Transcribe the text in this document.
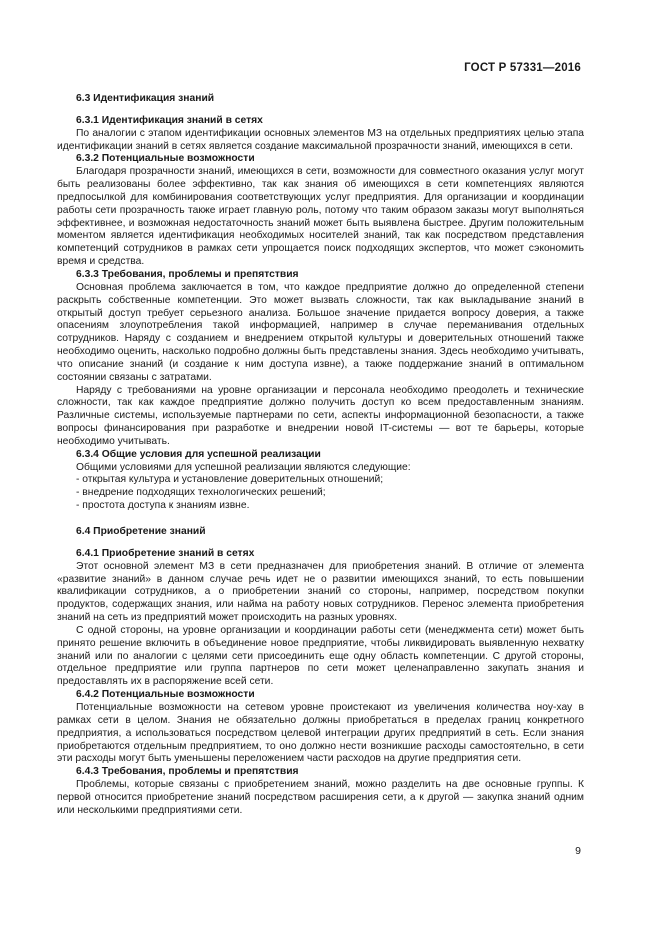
ГОСТ Р 57331—2016
6.3 Идентификация знаний
6.3.1 Идентификация знаний в сетях

По аналогии с этапом идентификации основных элементов МЗ на отдельных предприятиях целью этапа идентификации знаний в сетях является создание максимальной прозрачности знаний, имеющихся в сети.

6.3.2 Потенциальные возможности

Благодаря прозрачности знаний, имеющихся в сети, возможности для совместного оказания услуг могут быть реализованы более эффективно, так как знания об имеющихся в сети компетенциях являются предпосылкой для комбинирования соответствующих услуг предприятия. Для организации и координации работы сети прозрачность также играет главную роль, потому что таким образом заказы могут выполняться эффективнее, и возможная недостаточность знаний может быть выявлена быстрее. Другим положительным моментом является идентификация необходимых носителей знаний, так как посредством представления компетенций сотрудников в рамках сети упрощается поиск подходящих экспертов, что может сэкономить время и средства.

6.3.3 Требования, проблемы и препятствия

Основная проблема заключается в том, что каждое предприятие должно до определенной степени раскрыть собственные компетенции. Это может вызвать сложности, так как выкладывание знаний в открытый доступ требует серьезного анализа. Большое значение придается вопросу доверия, а также опасениям злоупотребления такой информацией, например в случае переманивания отдельных сотрудников. Наряду с созданием и внедрением открытой культуры и доверительных отношений также необходимо оценить, насколько подробно должны быть представлены знания. Здесь необходимо учитывать, что описание знаний (и создание к ним доступа извне), а также поддержание знаний в оптимальном состоянии связаны с затратами.

Наряду с требованиями на уровне организации и персонала необходимо преодолеть и технические сложности, так как каждое предприятие должно получить доступ ко всем предоставленным знаниям. Различные системы, используемые партнерами по сети, аспекты информационной безопасности, а также вопросы финансирования при разработке и внедрении новой IT-системы — вот те барьеры, которые необходимо учитывать.

6.3.4 Общие условия для успешной реализации

Общими условиями для успешной реализации являются следующие:

- открытая культура и установление доверительных отношений;
- внедрение подходящих технологических решений;
- простота доступа к знаниям извне.
6.4 Приобретение знаний
6.4.1 Приобретение знаний в сетях

Этот основной элемент МЗ в сети предназначен для приобретения знаний. В отличие от элемента «развитие знаний» в данном случае речь идет не о развитии имеющихся знаний, то есть повышении квалификации сотрудников, а о приобретении знаний со стороны, например, посредством покупки продуктов, содержащих знания, или найма на работу новых сотрудников. Перенос элемента приобретения знаний на сеть из предприятий может происходить на разных уровнях.

С одной стороны, на уровне организации и координации работы сети (менеджмента сети) может быть принято решение включить в объединение новое предприятие, чтобы ликвидировать выявленную нехватку знаний или по аналогии с целями сети присоединить еще одну область компетенции. С другой стороны, отдельное предприятие или группа партнеров по сети может целенаправленно закупать знания и предоставлять их в распоряжение всей сети.

6.4.2 Потенциальные возможности

Потенциальные возможности на сетевом уровне проистекают из увеличения количества ноу-хау в рамках сети в целом. Знания не обязательно должны приобретаться в пределах границ конкретного предприятия, а использоваться посредством целевой интеграции других предприятий в сеть. Если знания приобретаются отдельным предприятием, то оно должно нести возникшие расходы самостоятельно, в сети эти расходы могут быть уменьшены переложением части расходов на другие предприятия сети.

6.4.3 Требования, проблемы и препятствия

Проблемы, которые связаны с приобретением знаний, можно разделить на две основные группы. К первой относится приобретение знаний посредством расширения сети, а к другой — закупка знаний одним или несколькими предприятиями сети.

9
